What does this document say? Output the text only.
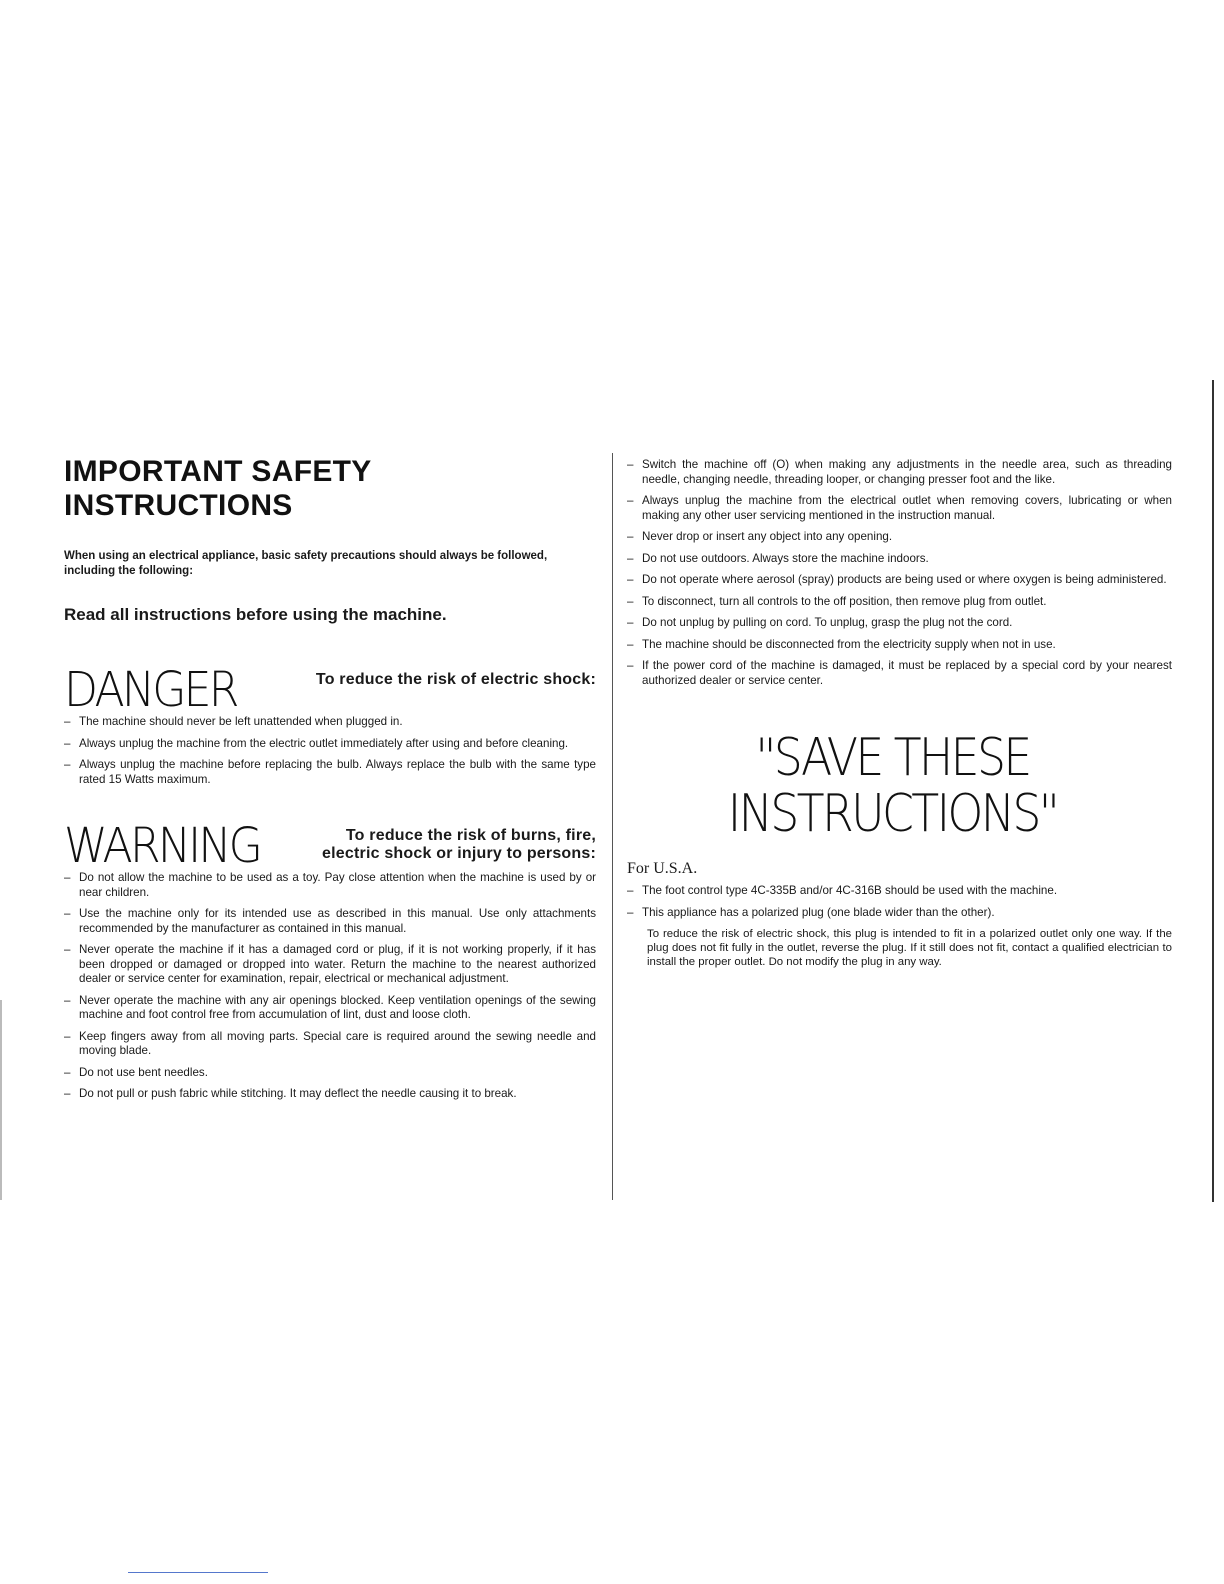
IMPORTANT SAFETY INSTRUCTIONS

When using an electrical appliance, basic safety precautions should always be followed, including the following:

Read all instructions before using the machine.

DANGER	To reduce the risk of electric shock:
– The machine should never be left unattended when plugged in.
– Always unplug the machine from the electric outlet immediately after using and before cleaning.
– Always unplug the machine before replacing the bulb. Always replace the bulb with the same type rated 15 Watts maximum.
WARNING	To reduce the risk of burns, fire,
electric shock or injury to persons:
– Do not allow the machine to be used as a toy. Pay close attention when the machine is used by or near children.
– Use the machine only for its intended use as described in this manual. Use only attachments recommended by the manufacturer as contained in this manual.
– Never operate the machine if it has a damaged cord or plug, if it is not working properly, if it has been dropped or damaged or dropped into water. Return the machine to the nearest authorized dealer or service center for examination, repair, electrical or mechanical adjustment.
– Never operate the machine with any air openings blocked. Keep ventilation openings of the sewing machine and foot control free from accumulation of lint, dust and loose cloth.
– Keep fingers away from all moving parts. Special care is required around the sewing needle and moving blade.
– Do not use bent needles.
– Do not pull or push fabric while stitching. It may deflect the needle causing it to break.
– Switch the machine off (O) when making any adjustments in the needle area, such as threading needle, changing needle, threading looper, or changing presser foot and the like.
– Always unplug the machine from the electrical outlet when removing covers, lubricating or when making any other user servicing mentioned in the instruction manual.
– Never drop or insert any object into any opening.
– Do not use outdoors. Always store the machine indoors.
– Do not operate where aerosol (spray) products are being used or where oxygen is being administered.
– To disconnect, turn all controls to the off position, then remove plug from outlet.
– Do not unplug by pulling on cord. To unplug, grasp the plug not the cord.
– The machine should be disconnected from the electricity supply when not in use.
– If the power cord of the machine is damaged, it must be replaced by a special cord by your nearest authorized dealer or service center.
"SAVE THESE
INSTRUCTIONS"
For U.S.A.
– The foot control type 4C-335B and/or 4C-316B should be used with the machine.
– This appliance has a polarized plug (one blade wider than the other).
To reduce the risk of electric shock, this plug is intended to fit in a polarized outlet only one way. If the plug does not fit fully in the outlet, reverse the plug. If it still does not fit, contact a qualified electrician to install the proper outlet. Do not modify the plug in any way.
